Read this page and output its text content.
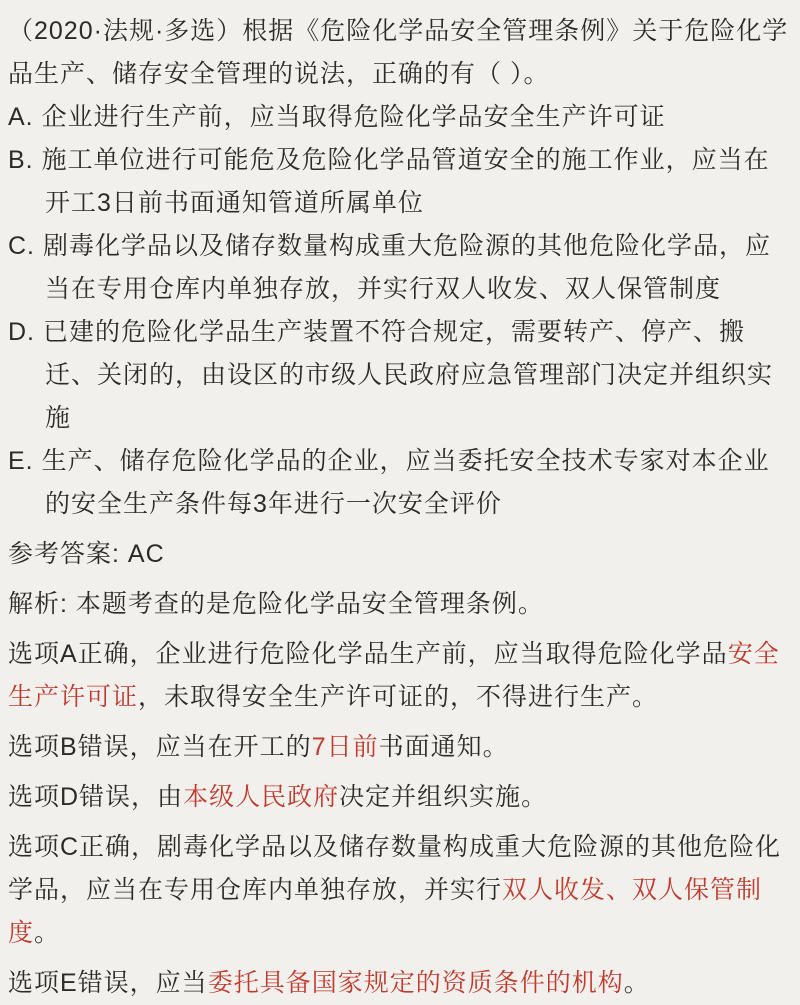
（2020·法规·多选）根据《危险化学品安全管理条例》关于危险化学品生产、储存安全管理的说法，正确的有（ ）。

A. 企业进行生产前，应当取得危险化学品安全生产许可证

B. 施工单位进行可能危及危险化学品管道安全的施工作业，应当在开工3日前书面通知管道所属单位

C. 剧毒化学品以及储存数量构成重大危险源的其他危险化学品，应当在专用仓库内单独存放，并实行双人收发、双人保管制度

D. 已建的危险化学品生产装置不符合规定，需要转产、停产、搬迁、关闭的，由设区的市级人民政府应急管理部门决定并组织实施

E. 生产、储存危险化学品的企业，应当委托安全技术专家对本企业的安全生产条件每3年进行一次安全评价

参考答案: AC

解析: 本题考查的是危险化学品安全管理条例。

选项A正确，企业进行危险化学品生产前，应当取得危险化学品安全生产许可证，未取得安全生产许可证的，不得进行生产。

选项B错误，应当在开工的7日前书面通知。

选项D错误，由本级人民政府决定并组织实施。

选项C正确，剧毒化学品以及储存数量构成重大危险源的其他危险化学品，应当在专用仓库内单独存放，并实行双人收发、双人保管制度。

选项E错误，应当委托具备国家规定的资质条件的机构。
